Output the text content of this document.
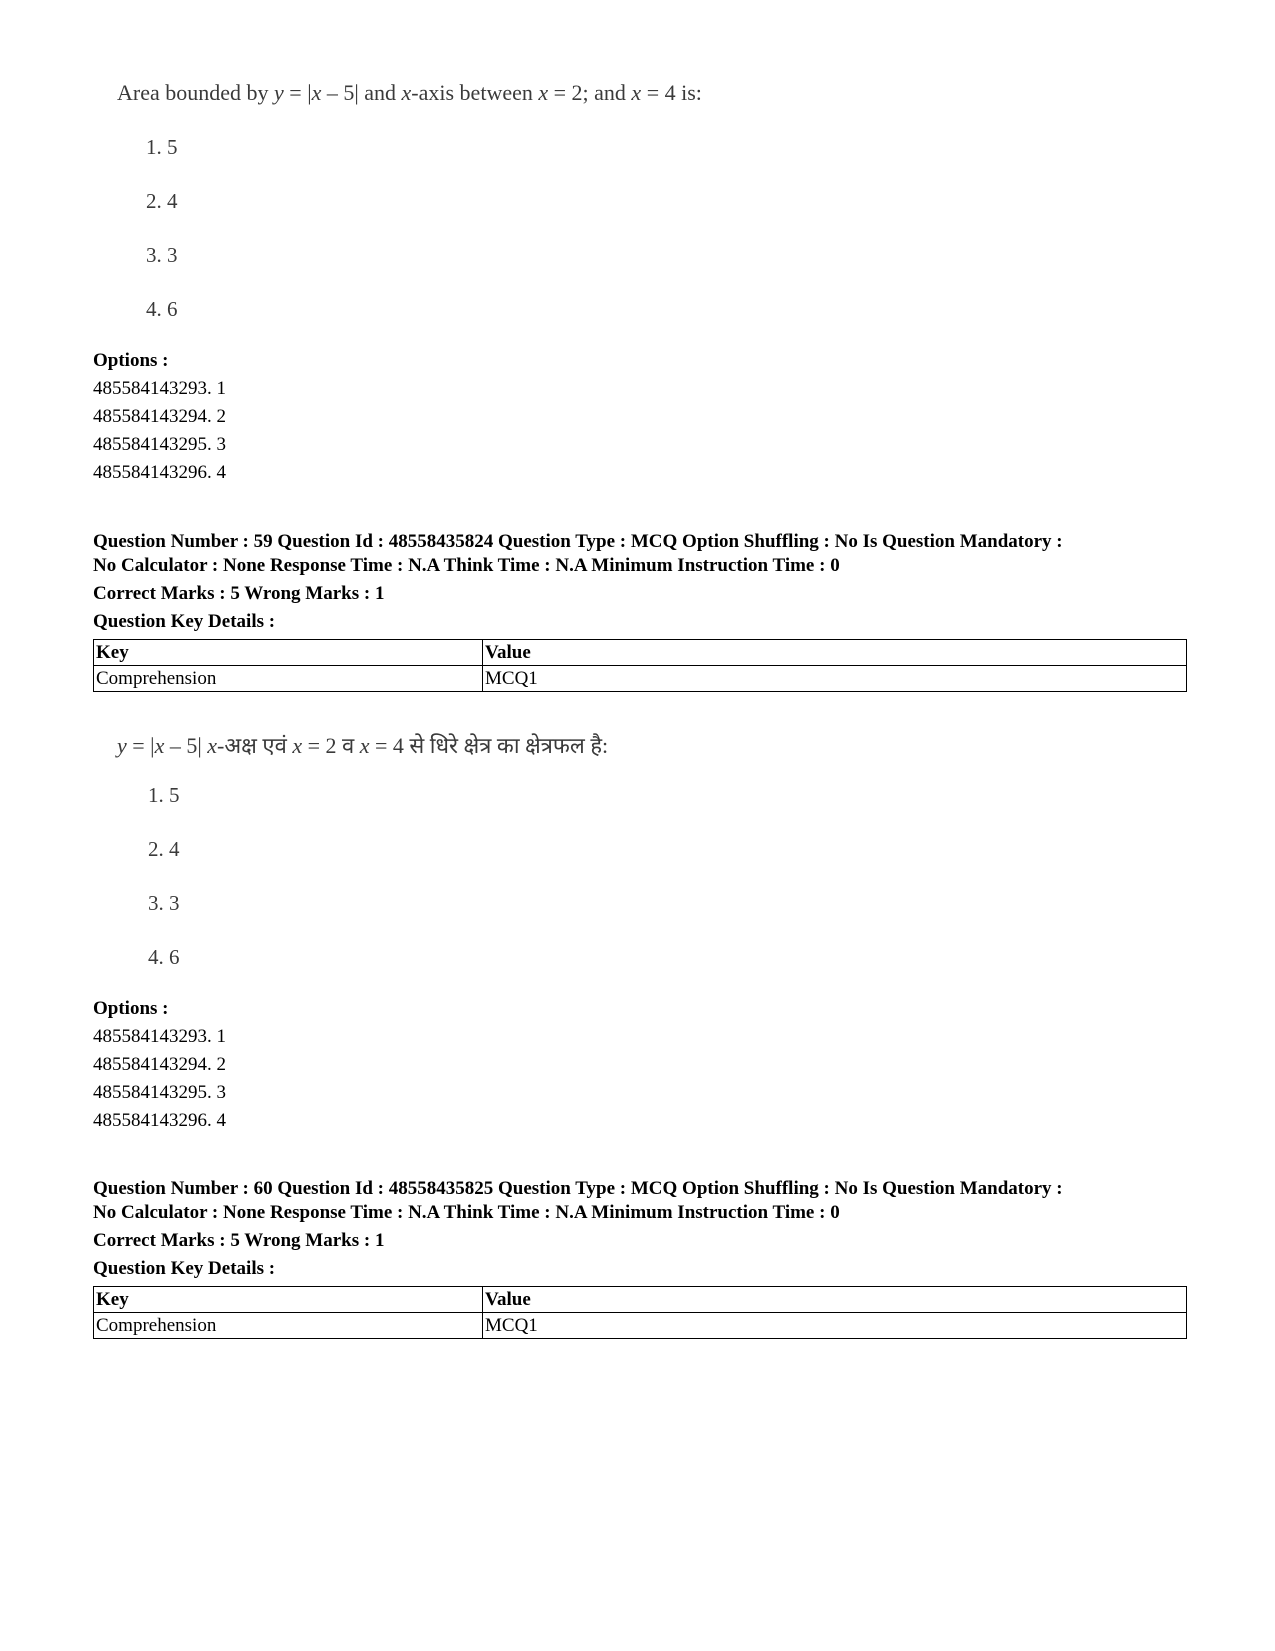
Area bounded by y = |x – 5| and x-axis between x = 2; and x = 4 is:
1. 5
2. 4
3. 3
4. 6
Options :
485584143293. 1
485584143294. 2
485584143295. 3
485584143296. 4
Question Number : 59 Question Id : 48558435824 Question Type : MCQ Option Shuffling : No Is Question Mandatory :
No Calculator : None Response Time : N.A Think Time : N.A Minimum Instruction Time : 0
Correct Marks : 5 Wrong Marks : 1
Question Key Details :
Key	Value
Comprehension	MCQ1
y = |x – 5| x-अक्ष एवं x = 2 व x = 4 से धिरे क्षेत्र का क्षेत्रफल है:
1. 5
2. 4
3. 3
4. 6
Options :
485584143293. 1
485584143294. 2
485584143295. 3
485584143296. 4
Question Number : 60 Question Id : 48558435825 Question Type : MCQ Option Shuffling : No Is Question Mandatory :
No Calculator : None Response Time : N.A Think Time : N.A Minimum Instruction Time : 0
Correct Marks : 5 Wrong Marks : 1
Question Key Details :
Key	Value
Comprehension	MCQ1
